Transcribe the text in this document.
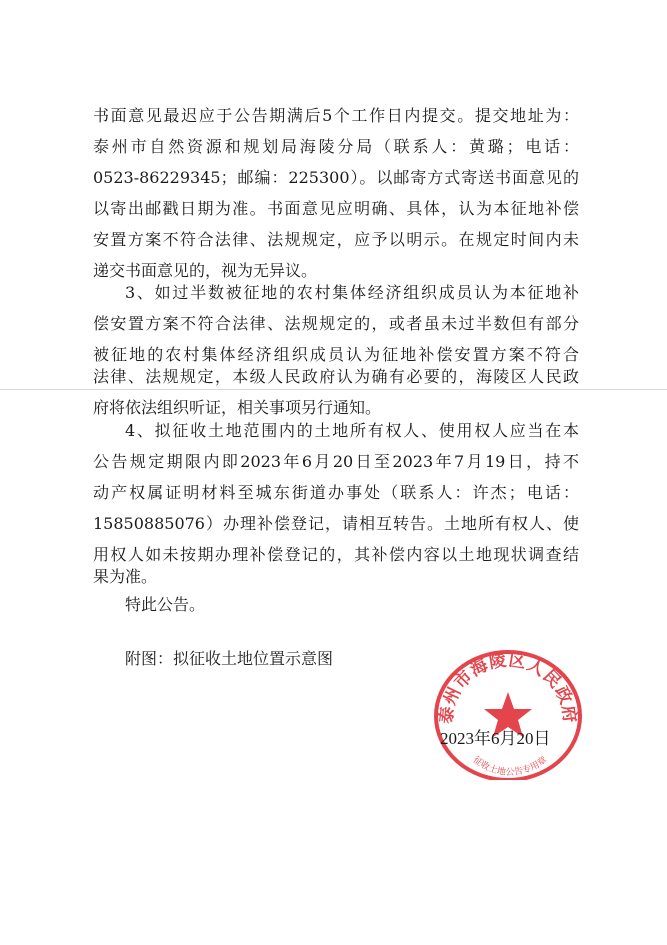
书面意见最迟应于公告期满后5个工作日内提交。提交地址为：
泰州市自然资源和规划局海陵分局（联系人：黄璐；电话：
0523-86229345；邮编：225300）。以邮寄方式寄送书面意见的
以寄出邮戳日期为准。书面意见应明确、具体，认为本征地补偿
安置方案不符合法律、法规规定，应予以明示。在规定时间内未
递交书面意见的，视为无异议。
3、如过半数被征地的农村集体经济组织成员认为本征地补
偿安置方案不符合法律、法规规定的，或者虽未过半数但有部分
被征地的农村集体经济组织成员认为征地补偿安置方案不符合
法律、法规规定，本级人民政府认为确有必要的，海陵区人民政
府将依法组织听证，相关事项另行通知。
4、拟征收土地范围内的土地所有权人、使用权人应当在本
公告规定期限内即2023年6月20日至2023年7月19日，持不
动产权属证明材料至城东街道办事处（联系人：许杰；电话：
15850885076）办理补偿登记，请相互转告。土地所有权人、使
用权人如未按期办理补偿登记的，其补偿内容以土地现状调查结
果为准。
特此公告。
附图：拟征收土地位置示意图
泰州市海陵区人民政府
征收土地公告专用章
2023年6月20日
